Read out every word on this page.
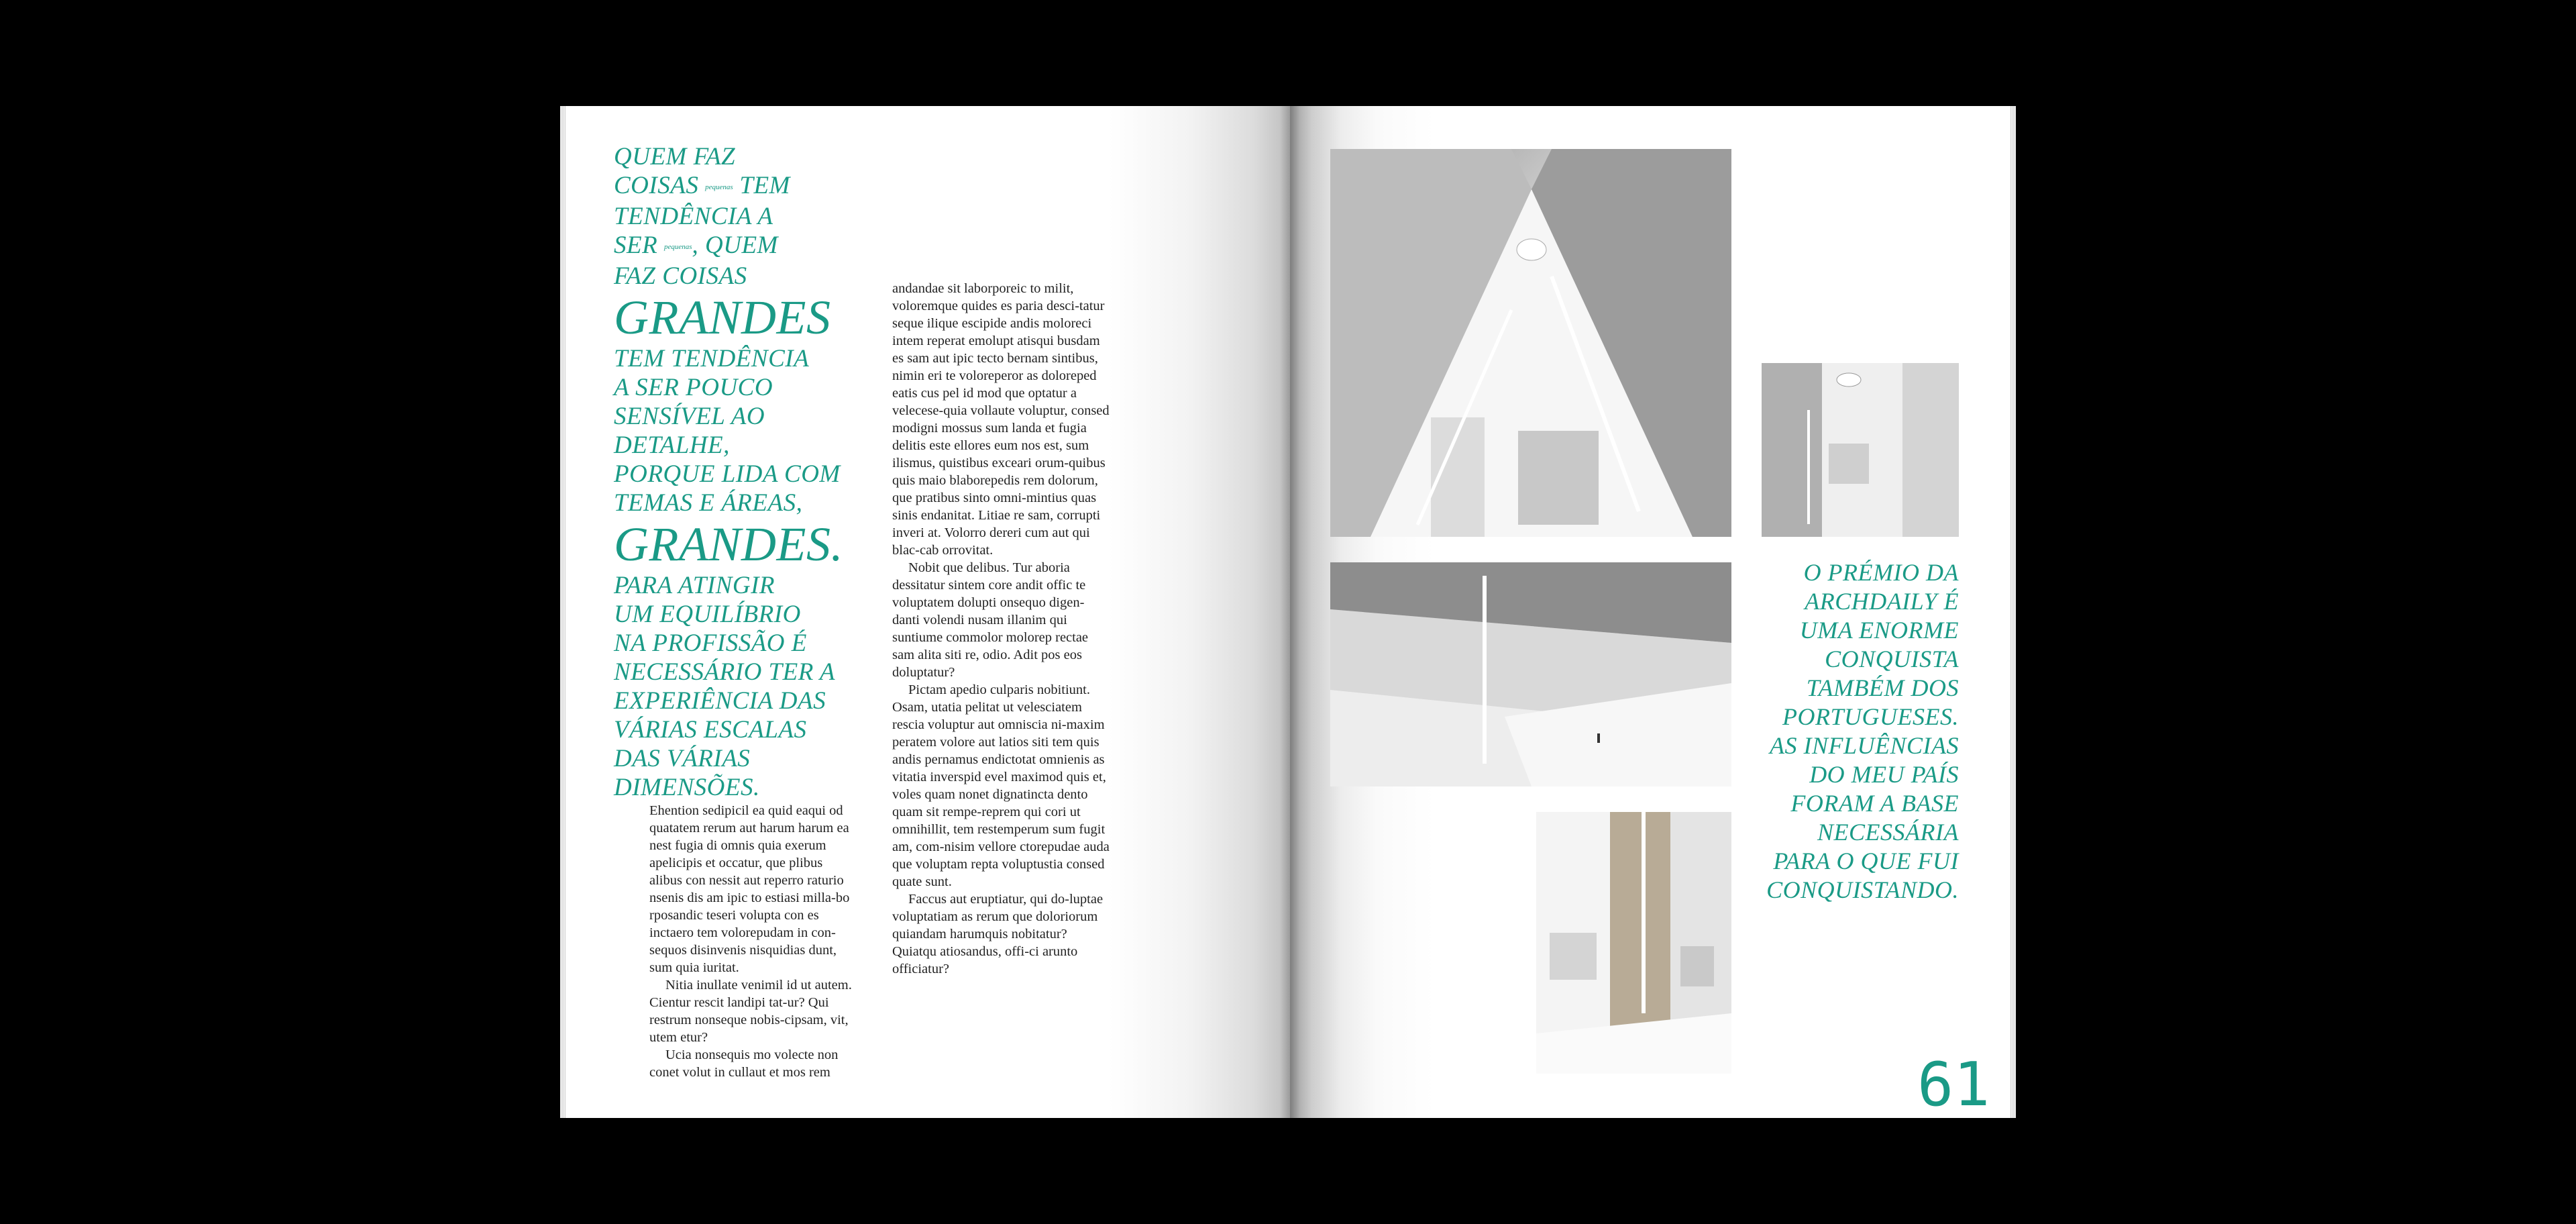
QUEM FAZ
COISAS pequenas TEM
TENDÊNCIA A
SER pequenas, QUEM
FAZ COISAS
GRANDES
TEM TENDÊNCIA
A SER POUCO
SENSÍVEL AO
DETALHE,
PORQUE LIDA COM
TEMAS E ÁREAS,
GRANDES.
PARA ATINGIR
UM EQUILÍBRIO
NA PROFISSÃO É
NECESSÁRIO TER A
EXPERIÊNCIA DAS
VÁRIAS ESCALAS
DAS VÁRIAS
DIMENSÕES.

Ehention sedipicil ea quid eaqui od quatatem rerum aut harum harum ea nest fugia di omnis quia exerum apelicipis et occatur, que plibus alibus con nessit aut reperro raturio nsenis dis am ipic to estiasi milla-bo rposandic teseri volupta con es inctaero tem volorepudam in con-sequos disinvenis nisquidias dunt, sum quia iuritat.

Nitia inullate venimil id ut autem. Cientur rescit landipi tat-ur? Qui restrum nonseque nobis-cipsam, vit, utem etur?

Ucia nonsequis mo volecte non conet volut in cullaut et mos rem

andandae sit laborporeic to milit, voloremque quides es paria desci-tatur seque ilique escipide andis moloreci intem reperat emolupt atisqui busdam es sam aut ipic tecto bernam sintibus, nimin eri te voloreperor as doloreped eatis cus pel id mod que optatur a velecese-quia vollaute voluptur, consed modigni mossus sum landa et fugia delitis este ellores eum nos est, sum ilismus, quistibus exceari orum-quibus quis maio blaborepedis rem dolorum, que pratibus sinto omni-mintius quas sinis endanitat. Litiae re sam, corrupti inveri at. Volorro dereri cum aut qui blac-cab orrovitat.

Nobit que delibus. Tur aboria dessitatur sintem core andit offic te voluptatem dolupti onsequo digen-danti volendi nusam illanim qui suntiume commolor molorep rectae sam alita siti re, odio. Adit pos eos doluptatur?

Pictam apedio culparis nobitiunt. Osam, utatia pelitat ut velesciatem rescia voluptur aut omniscia ni-maxim peratem volore aut latios siti tem quis andis pernamus endictotat omnienis as vitatia inverspid evel maximod quis et, voles quam nonet dignatincta dento quam sit rempe-reprem qui cori ut omnihillit, tem restemperum sum fugit am, com-nisim vellore ctorepudae auda que voluptam repta voluptustia consed quate sunt.

Faccus aut eruptiatur, qui do-luptae voluptatiam as rerum que doloriorum quiandam harumquis nobitatur? Quiatqu atiosandus, offi-ci arunto officiatur?

O PRÉMIO DA
ARCHDAILY É
UMA ENORME
CONQUISTA
TAMBÉM DOS
PORTUGUESES.
AS INFLUÊNCIAS
DO MEU PAÍS
FORAM A BASE
NECESSÁRIA
PARA O QUE FUI
CONQUISTANDO.
61
